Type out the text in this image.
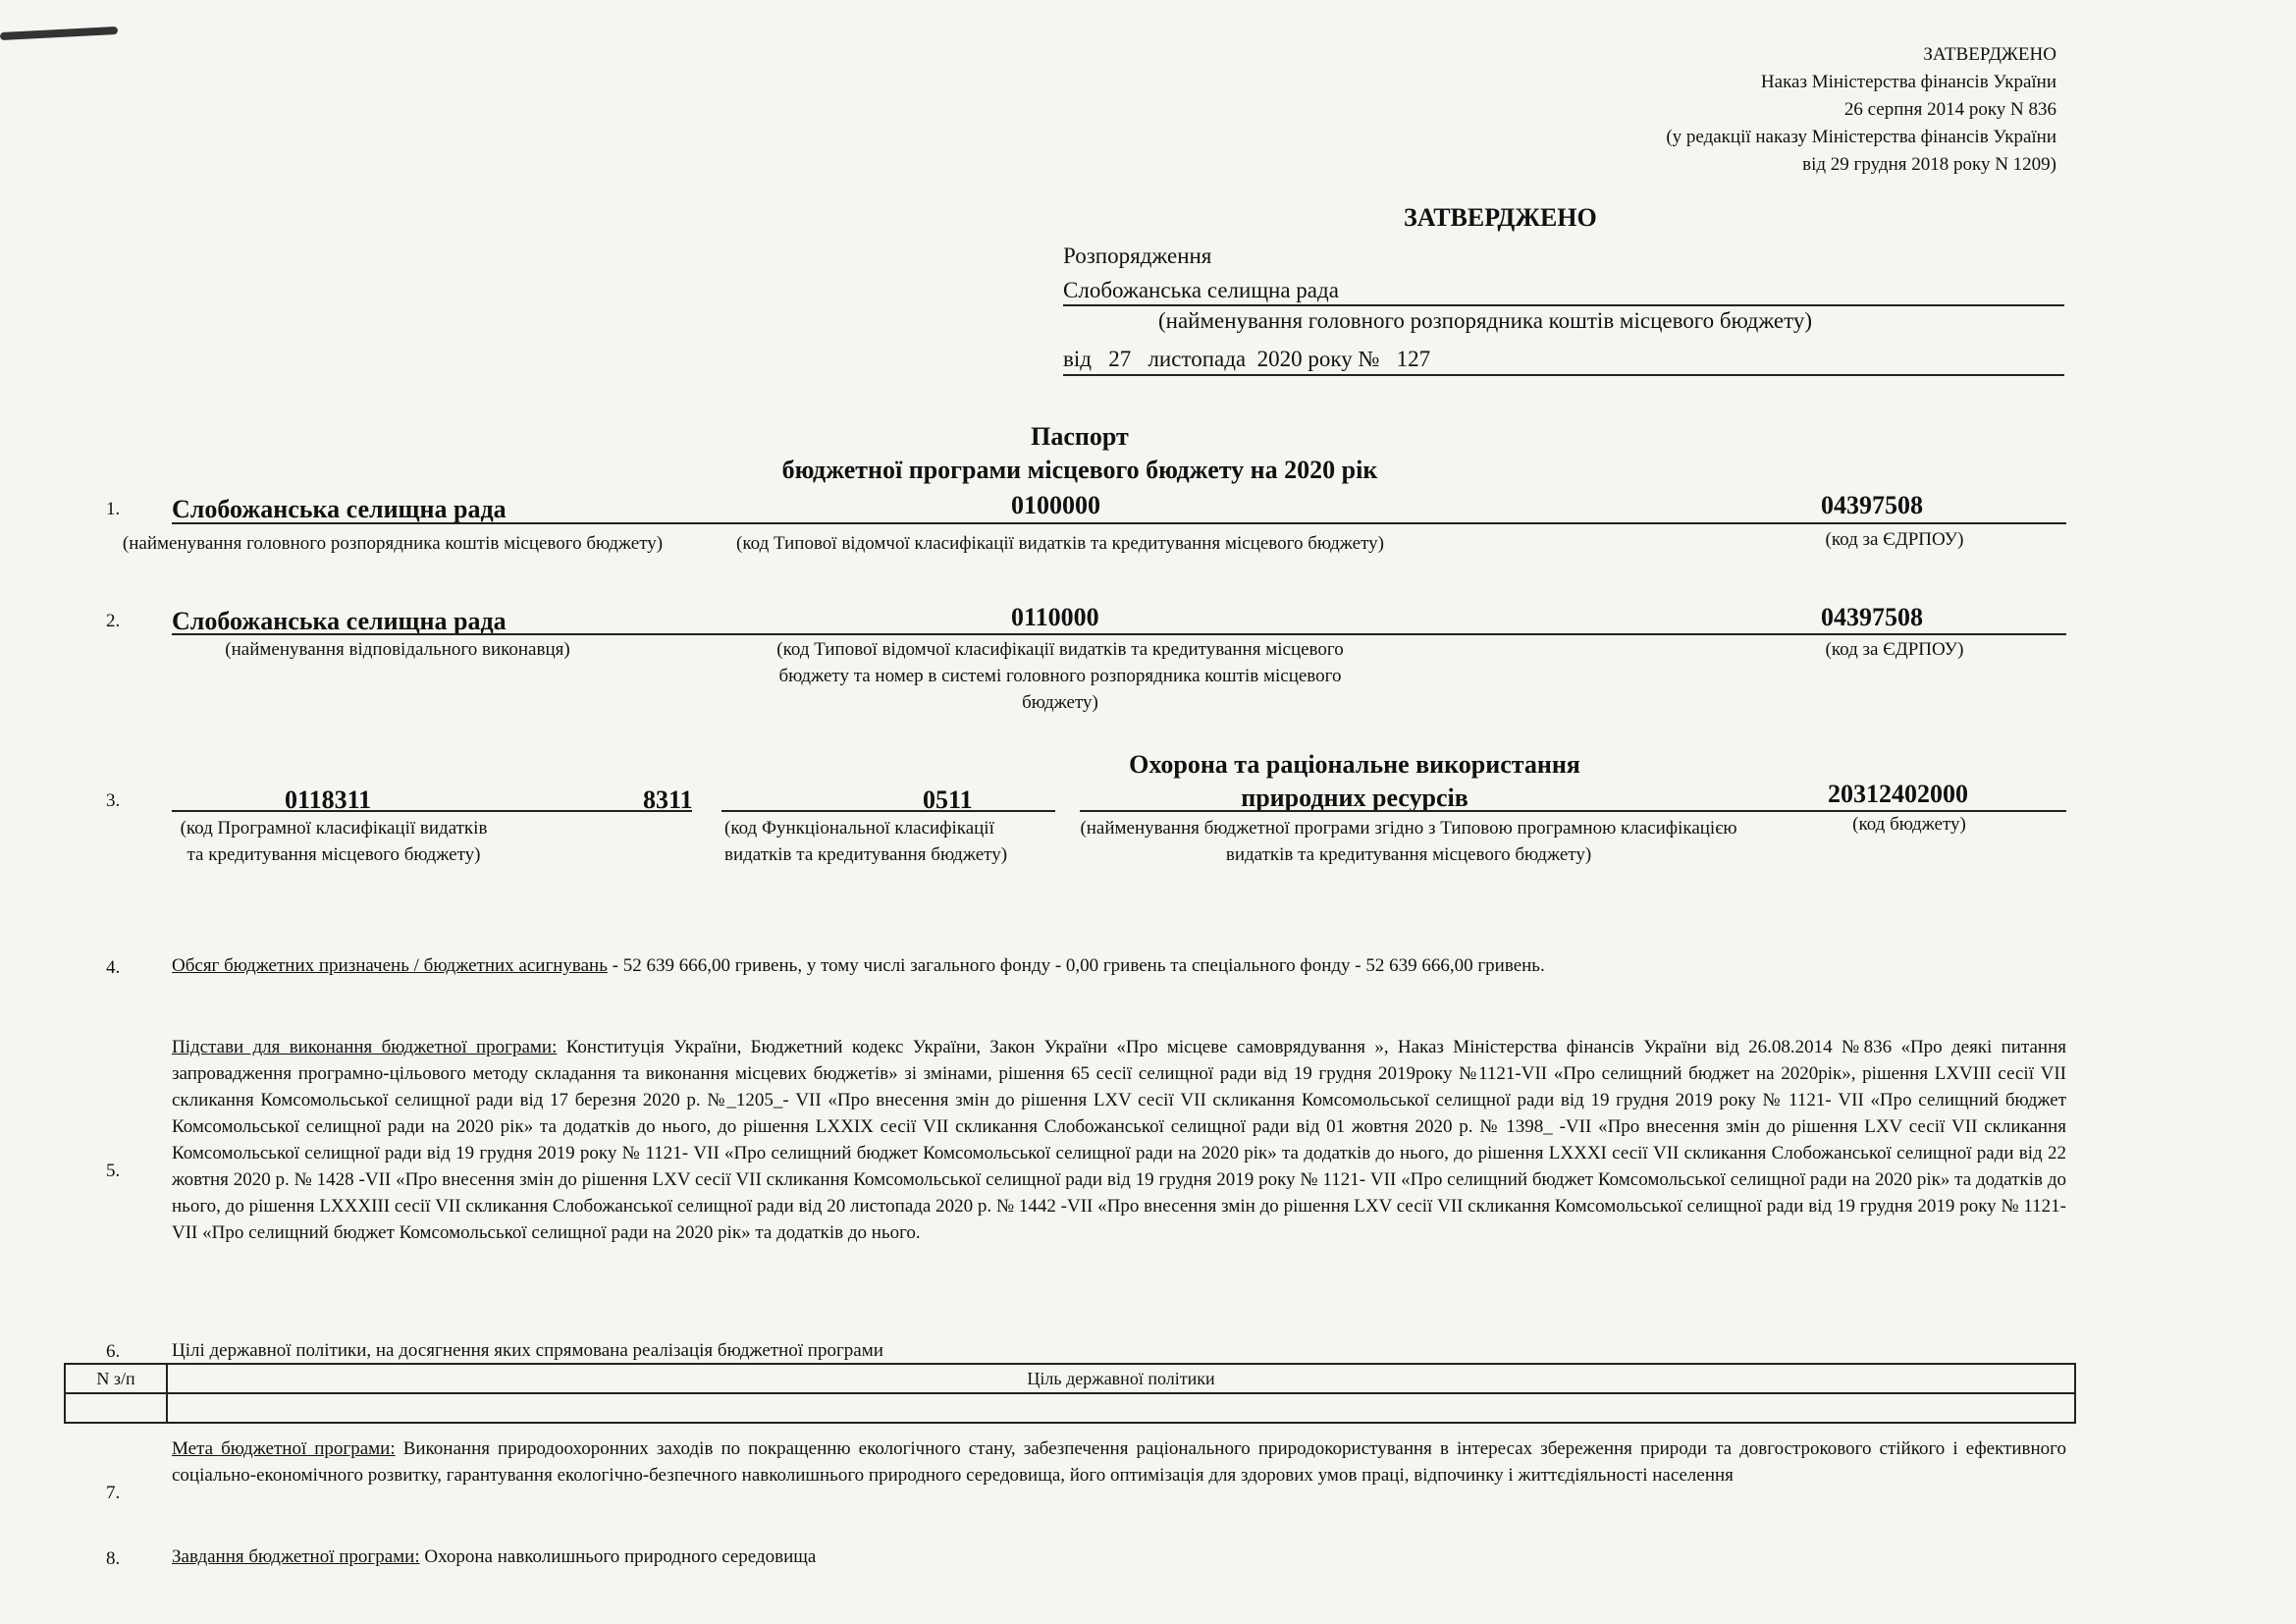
ЗАТВЕРДЖЕНО
Наказ Міністерства фінансів України
26 серпня 2014 року N 836
(у редакції наказу Міністерства фінансів України
від 29 грудня 2018 року N 1209)
ЗАТВЕРДЖЕНО
Розпорядження
Слобожанська селищна рада
(найменування головного розпорядника коштів місцевого бюджету)
від   27   листопада  2020 року №   127
Паспорт
бюджетної програми місцевого бюджету на 2020 рік
1. Слобожанська селищна рада	0100000	04397508
(найменування головного розпорядника коштів місцевого бюджету)	(код Типової відомчої класифікації видатків та кредитування місцевого бюджету)	(код за ЄДРПОУ)
2. Слобожанська селищна рада	0110000	04397508
(найменування відповідального виконавця)	(код Типової відомчої класифікації видатків та кредитування місцевого бюджету та номер в системі головного розпорядника коштів місцевого бюджету)
(код за ЄДРПОУ)
3.	0118311	8311	0511
Охорона та раціональне використання природних ресурсів	20312402000
(код Програмної класифікації видатків та кредитування місцевого бюджету)
(код Функціональної класифікації видатків та кредитування бюджету)
(найменування бюджетної програми згідно з Типовою програмною класифікацією видатків та кредитування місцевого бюджету)
(код бюджету)
4.	Обсяг бюджетних призначень / бюджетних асигнувань - 52 639 666,00 гривень, у тому числі загального фонду - 0,00 гривень та спеціального фонду - 52 639 666,00 гривень.
5.
Підстави для виконання бюджетної програми: Конституція України, Бюджетний кодекс України, Закон України «Про місцеве самоврядування », Наказ Міністерства фінансів України від 26.08.2014 №836 «Про деякі питання запровадження програмно-цільового методу складання та виконання місцевих бюджетів» зі змінами, рішення 65 сесії селищної ради від 19 грудня 2019року №1121-VII «Про селищний бюджет на 2020рік», рішення LXVIII сесії VII скликання Комсомольської селищної ради від 17 березня 2020 р. №_1205_- VII «Про внесення змін до рішення LXV сесії VII скликання Комсомольської селищної ради від 19 грудня 2019 року № 1121- VII «Про селищний бюджет Комсомольської селищної ради на 2020 рік» та додатків до нього, до рішення LXXIX сесії VII скликання Слобожанської селищної ради від 01 жовтня 2020 р. № 1398_ -VII «Про внесення змін до рішення LXV сесії VII скликання Комсомольської селищної ради від 19 грудня 2019 року № 1121- VII «Про селищний бюджет Комсомольської селищної ради на 2020 рік» та додатків до нього, до рішення LXXXI сесії VII скликання Слобожанської селищної ради від 22 жовтня 2020 р. № 1428 -VII «Про внесення змін до рішення LXV сесії VII скликання Комсомольської селищної ради від 19 грудня 2019 року № 1121- VII «Про селищний бюджет Комсомольської селищної ради на 2020 рік» та додатків до нього, до рішення LXXXIII сесії VII скликання Слобожанської селищної ради від 20 листопада 2020 р. № 1442 -VII «Про внесення змін до рішення LXV сесії VII скликання Комсомольської селищної ради від 19 грудня 2019 року № 1121- VII «Про селищний бюджет Комсомольської селищної ради на 2020 рік» та додатків до нього.
6.	Цілі державної політики, на досягнення яких спрямована реалізація бюджетної програми
N з/п	Ціль державної політики

7.
Мета бюджетної програми: Виконання природоохоронних заходів по покращенню екологічного стану, забезпечення раціонального природокористування в інтересах збереження природи та довгострокового стійкого і ефективного соціально-економічного розвитку, гарантування екологічно-безпечного навколишнього природного середовища, його оптимізація для здорових умов праці, відпочинку і життєдіяльності населення
8.	Завдання бюджетної програми: Охорона навколишнього природного середовища
